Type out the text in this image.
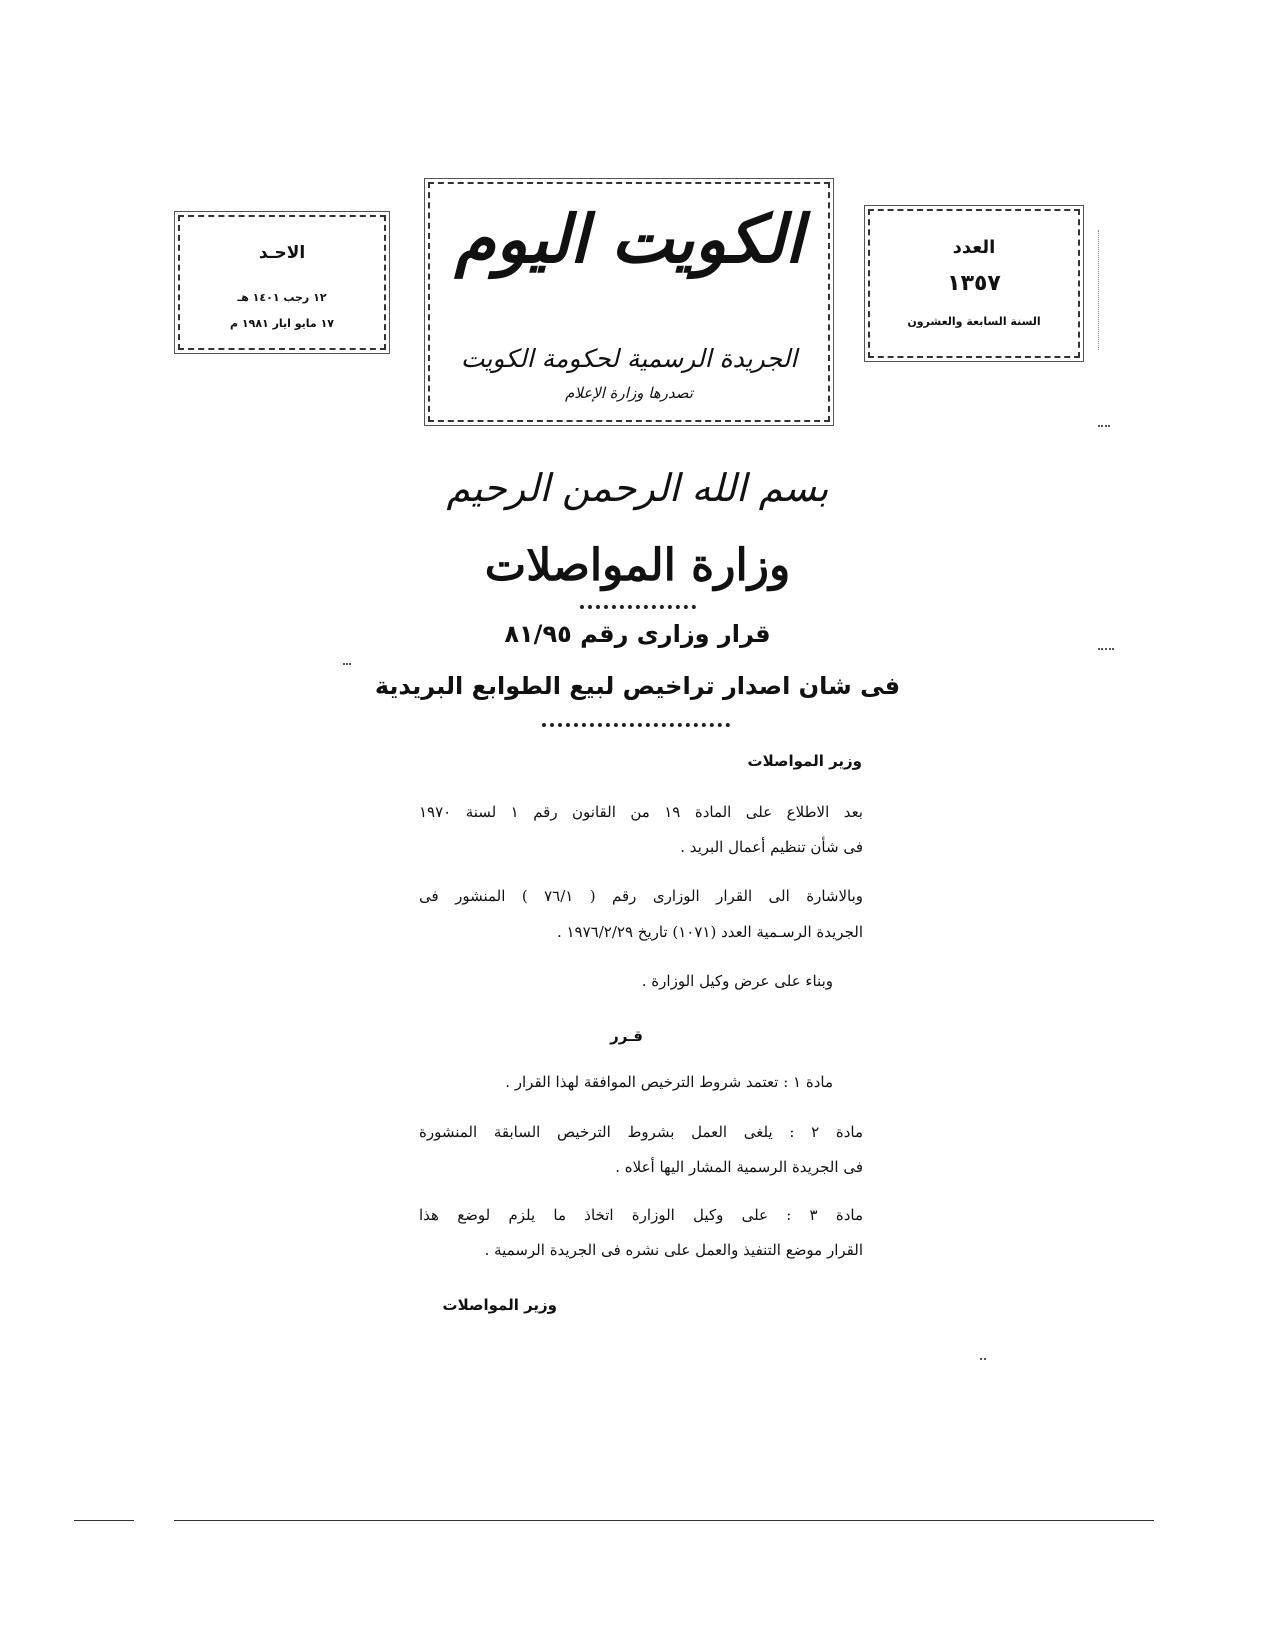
الاحـد
١٢ رجب ١٤٠١ هـ
١٧ مايو ايار ١٩٨١ م
الكويت اليوم
الجريدة الرسمية لحكومة الكويت
تصدرها وزارة الإعلام
العدد
١٣٥٧
السنة السابعة والعشرون
بسم الله الرحمن الرحيم
وزارة المواصلات
قرار وزارى رقم ٨١/٩٥
فى شان اصدار تراخيص لبيع الطوابع البريدية
وزير المواصلات
بعد الاطلاع على المادة ١٩ من القانون رقم ١ لسنة ١٩٧٠
فى شأن تنظيم أعمال البريد .
وبالاشارة الى القرار الوزارى رقم ( ٧٦/١ ) المنشور فى
الجريدة الرسـمية العدد (١٠٧١) تاريخ ١٩٧٦/٢/٢٩ .
وبناء على عرض وكيل الوزارة .
قـرر
مادة ١ : تعتمد شروط الترخيص الموافقة لهذا القرار .
مادة ٢ : يلغى العمل بشروط الترخيص السابقة المنشورة
فى الجريدة الرسمية المشار اليها أعلاه .
مادة ٣ : على وكيل الوزارة اتخاذ ما يلزم لوضع هذا
القرار موضع التنفيذ والعمل على نشره فى الجريدة الرسمية .
وزير المواصلات
